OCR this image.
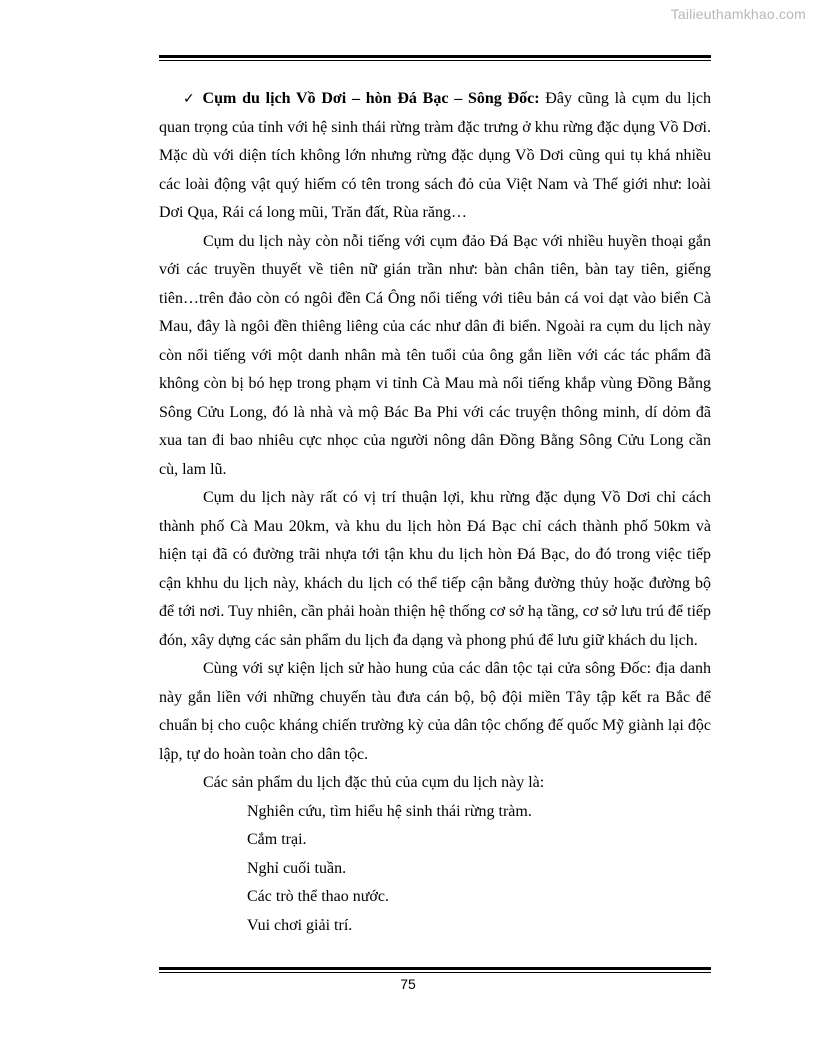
Tailieuthamkhao.com

✓ Cụm du lịch Vồ Dơi – hòn Đá Bạc – Sông Đốc: Đây cũng là cụm du lịch quan trọng của tỉnh với hệ sinh thái rừng tràm đặc trưng ở khu rừng đặc dụng Vồ Dơi. Mặc dù với diện tích không lớn nhưng rừng đặc dụng Vồ Dơi cũng qui tụ khá nhiều các loài động vật quý hiếm có tên trong sách đỏ của Việt Nam và Thế giới như: loài Dơi Qụa, Rái cá long mũi, Trăn đất, Rùa răng…

Cụm du lịch này còn nỗi tiếng với cụm đảo Đá Bạc với nhiều huyền thoại gắn với các truyền thuyết về tiên nữ gián trần như: bàn chân tiên, bàn tay tiên, giếng tiên…trên đảo còn có ngôi đền Cá Ông nổi tiếng với tiêu bản cá voi dạt vào biển Cà Mau, đây là ngôi đền thiêng liêng của các như dân đi biển. Ngoài ra cụm du lịch này còn nổi tiếng với một danh nhân mà tên tuổi của ông gắn liền với các tác phẩm đã không còn bị bó hẹp trong phạm vi tỉnh Cà Mau mà nổi tiếng khắp vùng Đồng Bằng Sông Cửu Long, đó là nhà và mộ Bác Ba Phi với các truyện thông minh, dí dỏm đã xua tan đi bao nhiêu cực nhọc của người nông dân Đồng Bằng Sông Cửu Long cần cù, lam lũ.

Cụm du lịch này rất có vị trí thuận lợi, khu rừng đặc dụng Vồ Dơi chỉ cách thành phố Cà Mau 20km, và khu du lịch hòn Đá Bạc chỉ cách thành phố 50km và hiện tại đã có đường trãi nhựa tới tận khu du lịch hòn Đá Bạc, do đó trong việc tiếp cận khhu du lịch này, khách du lịch có thể tiếp cận bằng đường thủy hoặc đường bộ để tới nơi. Tuy nhiên, cần phải hoàn thiện hệ thống cơ sở hạ tầng, cơ sở lưu trú để tiếp đón, xây dựng các sản phẩm du lịch đa dạng và phong phú để lưu giữ khách du lịch.

Cùng với sự kiện lịch sử hào hung của các dân tộc tại cửa sông Đốc: địa danh này gắn liền với những chuyến tàu đưa cán bộ, bộ đội miền Tây tập kết ra Bắc để chuẩn bị cho cuộc kháng chiến trường kỳ của dân tộc chống đế quốc Mỹ giành lại độc lập, tự do hoàn toàn cho dân tộc.

Các sản phẩm du lịch đặc thủ của cụm du lịch này là:

Nghiên cứu, tìm hiểu hệ sinh thái rừng tràm.
Cắm trại.
Nghỉ cuối tuần.
Các trò thể thao nước.
Vui chơi giải trí.
75
